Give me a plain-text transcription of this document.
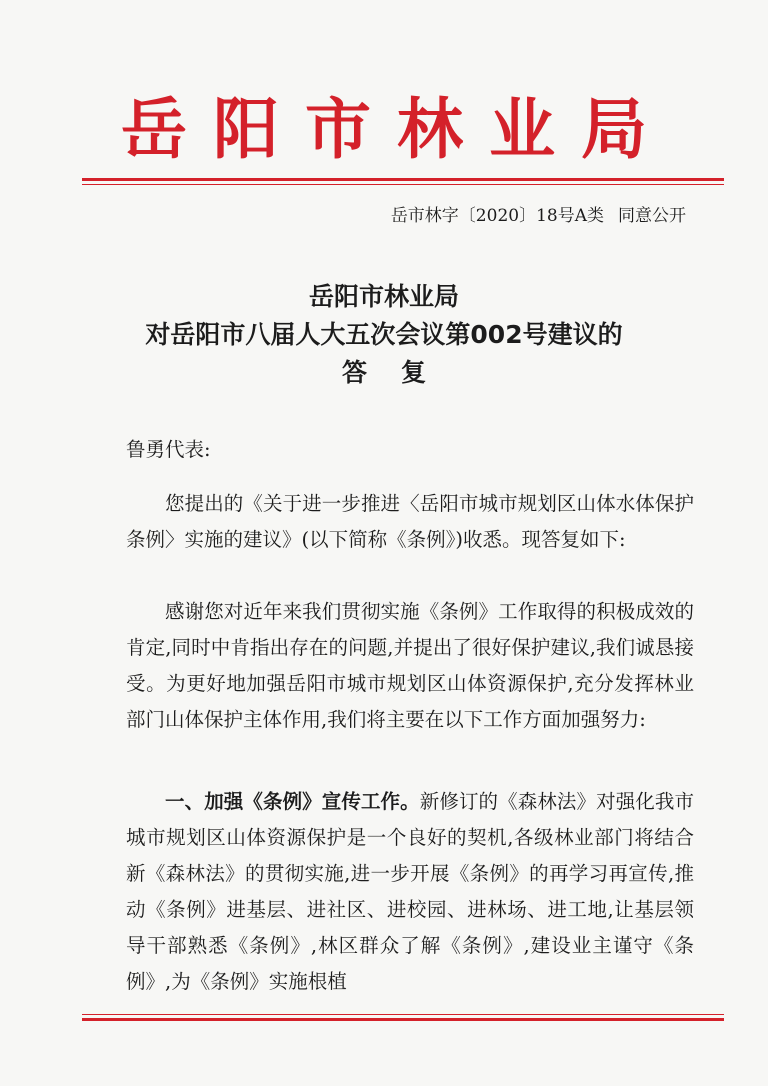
岳阳市林业局
岳市林字〔2020〕18号A类 同意公开
岳阳市林业局
对岳阳市八届人大五次会议第002号建议的
答复
鲁勇代表:
您提出的《关于进一步推进〈岳阳市城市规划区山体水体保护条例〉实施的建议》(以下简称《条例》)收悉。现答复如下:
感谢您对近年来我们贯彻实施《条例》工作取得的积极成效的肯定,同时中肯指出存在的问题,并提出了很好保护建议,我们诚恳接受。为更好地加强岳阳市城市规划区山体资源保护,充分发挥林业部门山体保护主体作用,我们将主要在以下工作方面加强努力:
一、加强《条例》宣传工作。新修订的《森林法》对强化我市城市规划区山体资源保护是一个良好的契机,各级林业部门将结合新《森林法》的贯彻实施,进一步开展《条例》的再学习再宣传,推动《条例》进基层、进社区、进校园、进林场、进工地,让基层领导干部熟悉《条例》,林区群众了解《条例》,建设业主谨守《条例》,为《条例》实施根植
